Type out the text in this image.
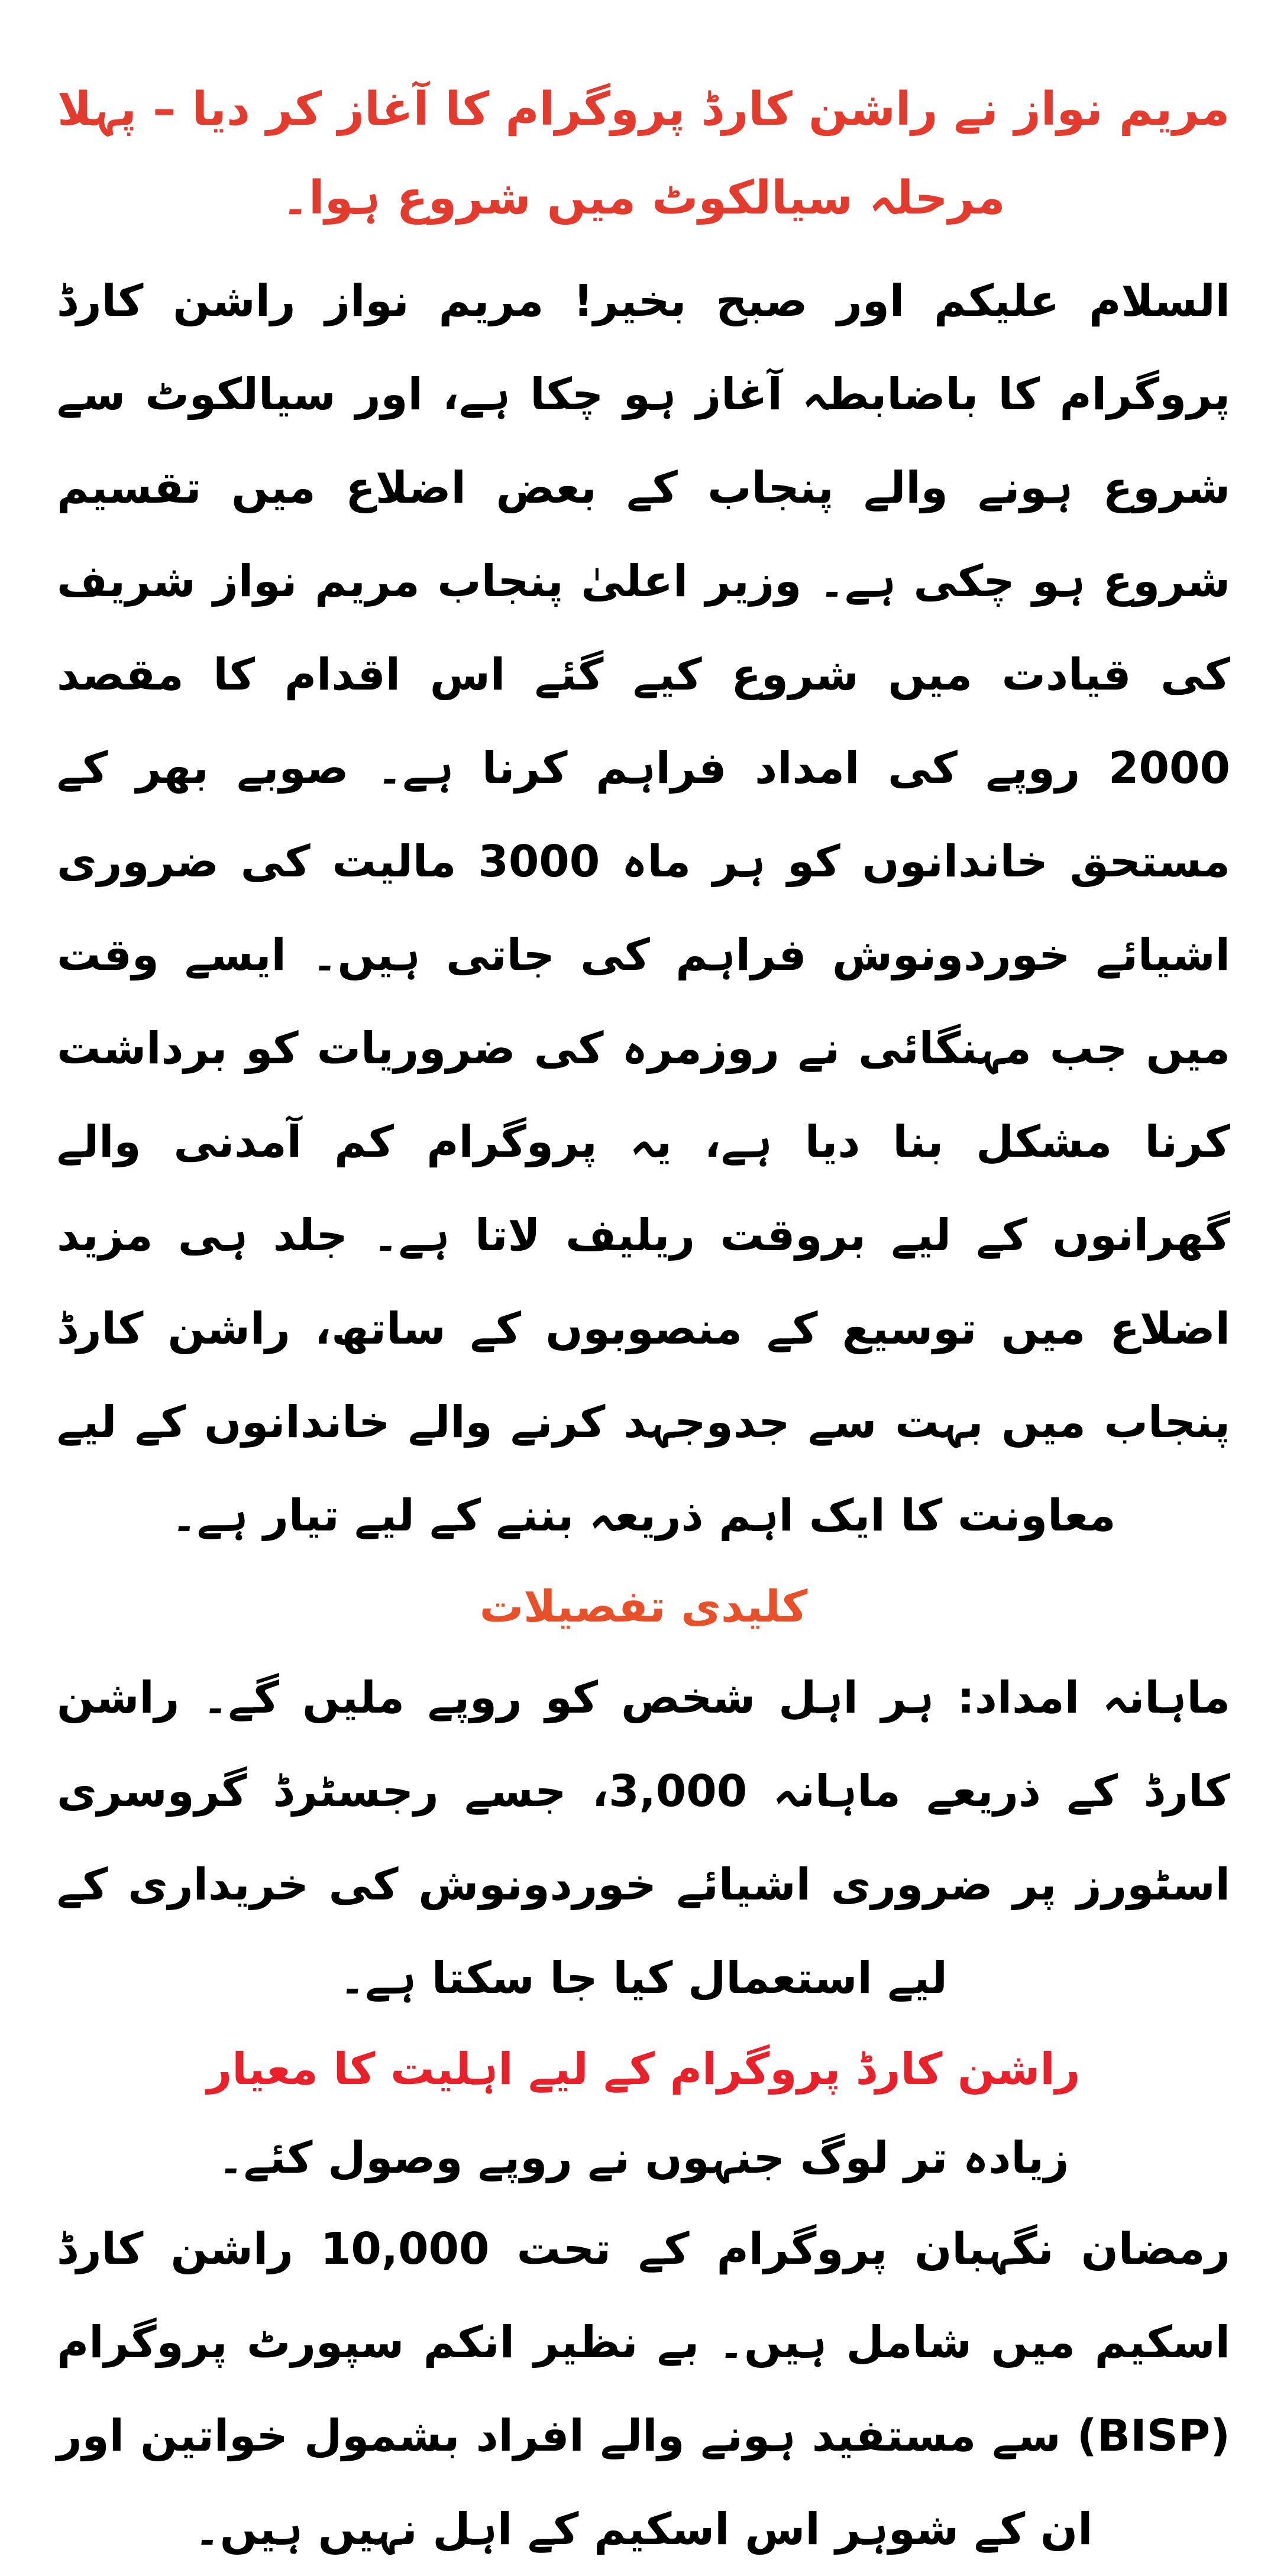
مریم نواز نے راشن کارڈ پروگرام کا آغاز کر دیا – پہلا مرحلہ سیالکوٹ میں شروع ہوا۔

السلام علیکم اور صبح بخیر! مریم نواز راشن کارڈ پروگرام کا باضابطہ آغاز ہو چکا ہے، اور سیالکوٹ سے شروع ہونے والے پنجاب کے بعض اضلاع میں تقسیم شروع ہو چکی ہے۔ وزیر اعلیٰ پنجاب مریم نواز شریف کی قیادت میں شروع کیے گئے اس اقدام کا مقصد 2000 روپے کی امداد فراہم کرنا ہے۔ صوبے بھر کے مستحق خاندانوں کو ہر ماہ 3000 مالیت کی ضروری اشیائے خوردونوش فراہم کی جاتی ہیں۔ ایسے وقت میں جب مہنگائی نے روزمرہ کی ضروریات کو برداشت کرنا مشکل بنا دیا ہے، یہ پروگرام کم آمدنی والے گھرانوں کے لیے بروقت ریلیف لاتا ہے۔ جلد ہی مزید اضلاع میں توسیع کے منصوبوں کے ساتھ، راشن کارڈ پنجاب میں بہت سے جدوجہد کرنے والے خاندانوں کے لیے معاونت کا ایک اہم ذریعہ بننے کے لیے تیار ہے۔

کلیدی تفصیلات

ماہانہ امداد: ہر اہل شخص کو روپے ملیں گے۔ راشن کارڈ کے ذریعے ماہانہ 3,000، جسے رجسٹرڈ گروسری اسٹورز پر ضروری اشیائے خوردونوش کی خریداری کے لیے استعمال کیا جا سکتا ہے۔

راشن کارڈ پروگرام کے لیے اہلیت کا معیار

زیادہ تر لوگ جنہوں نے روپے وصول کئے۔

رمضان نگہبان پروگرام کے تحت 10,000 راشن کارڈ اسکیم میں شامل ہیں۔ بے نظیر انکم سپورٹ پروگرام (BISP) سے مستفید ہونے والے افراد بشمول خواتین اور ان کے شوہر اس اسکیم کے اہل نہیں ہیں۔
